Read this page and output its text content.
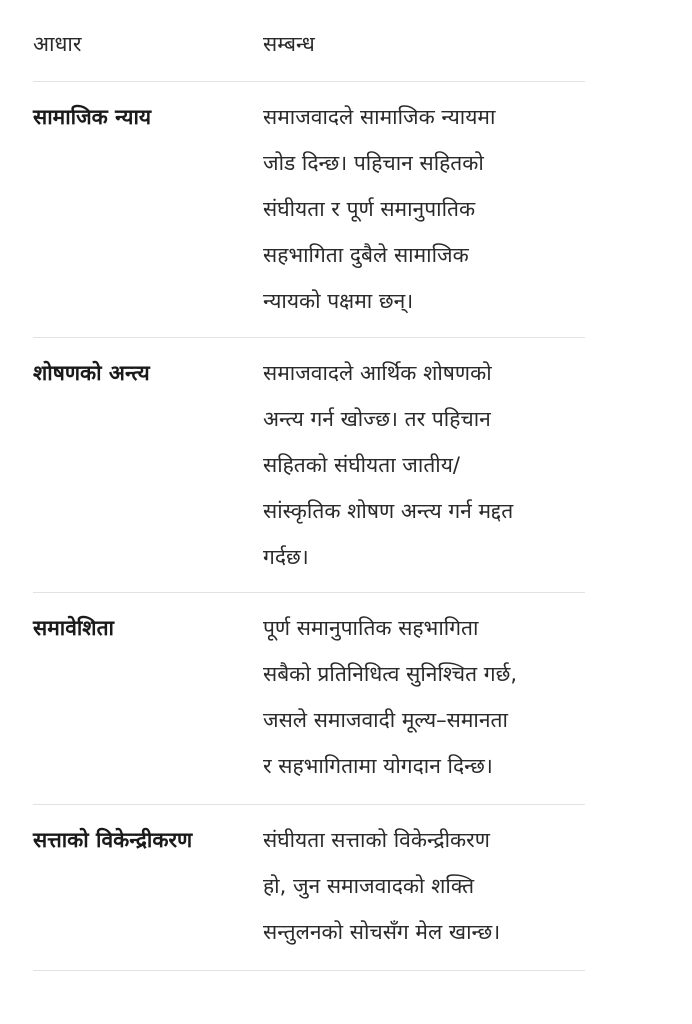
आधार	सम्बन्ध
सामाजिक न्याय	समाजवादले सामाजिक न्यायमा
जोड दिन्छ। पहिचान सहितको
संघीयता र पूर्ण समानुपातिक
सहभागिता दुबैले सामाजिक
न्यायको पक्षमा छन्।
शोषणको अन्त्य	समाजवादले आर्थिक शोषणको
अन्त्य गर्न खोज्छ। तर पहिचान
सहितको संघीयता जातीय/
सांस्कृतिक शोषण अन्त्य गर्न मद्दत
गर्दछ।
समावेशिता	पूर्ण समानुपातिक सहभागिता
सबैको प्रतिनिधित्व सुनिश्चित गर्छ,
जसले समाजवादी मूल्य–समानता
र सहभागितामा योगदान दिन्छ।
सत्ताको विकेन्द्रीकरण	संघीयता सत्ताको विकेन्द्रीकरण
हो, जुन समाजवादको शक्ति
सन्तुलनको सोचसँग मेल खान्छ।
